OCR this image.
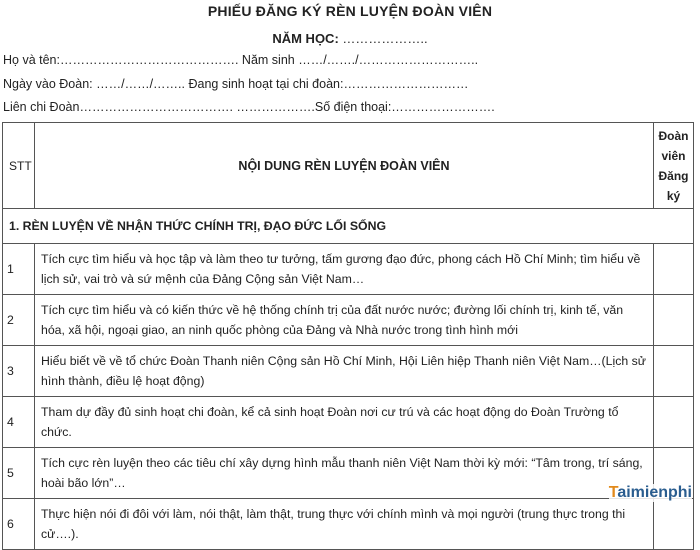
PHIẾU ĐĂNG KÝ RÈN LUYỆN ĐOÀN VIÊN
NĂM HỌC: ………………..
Họ và tên:……………………………………. Năm sinh ……/……./………………………..
Ngày vào Đoàn: ……/……/…….. Đang sinh hoạt tại chi đoàn:…………………………
Liên chi Đoàn………………………………. ……………….Số điện thoại:…………………….
STT	NỘI DUNG RÈN LUYỆN ĐOÀN VIÊN	Đoàn
viên
Đăng
ký

1. RÈN LUYỆN VỀ NHẬN THỨC CHÍNH TRỊ, ĐẠO ĐỨC LỐI SỐNG		
1	Tích cực tìm hiểu và học tập và làm theo tư tưởng, tấm gương đạo đức, phong cách Hồ Chí Minh; tìm hiểu về lịch sử, vai trò và sứ mệnh của Đảng Cộng sản Việt Nam…	
2	Tích cực tìm hiểu và có kiến thức về hệ thống chính trị của đất nước nước; đường lối chính trị, kinh tế, văn hóa, xã hội, ngoại giao, an ninh quốc phòng của Đảng và Nhà nước trong tình hình mới	
3	Hiểu biết về về tổ chức Đoàn Thanh niên Cộng sản Hồ Chí Minh, Hội Liên hiệp Thanh niên Việt Nam…(Lịch sử hình thành, điều lệ hoạt động)	
4	Tham dự đầy đủ sinh hoạt chi đoàn, kể cả sinh hoạt Đoàn nơi cư trú và các hoạt động do Đoàn Trường tổ chức.	
5	Tích cực rèn luyện theo các tiêu chí xây dựng hình mẫu thanh niên Việt Nam thời kỳ mới: “Tâm trong, trí sáng, hoài bão lớn”…	
6	Thực hiện nói đi đôi với làm, nói thật, làm thật, trung thực với chính mình và mọi người (trung thực trong thi cử….).	
Taimienphi
